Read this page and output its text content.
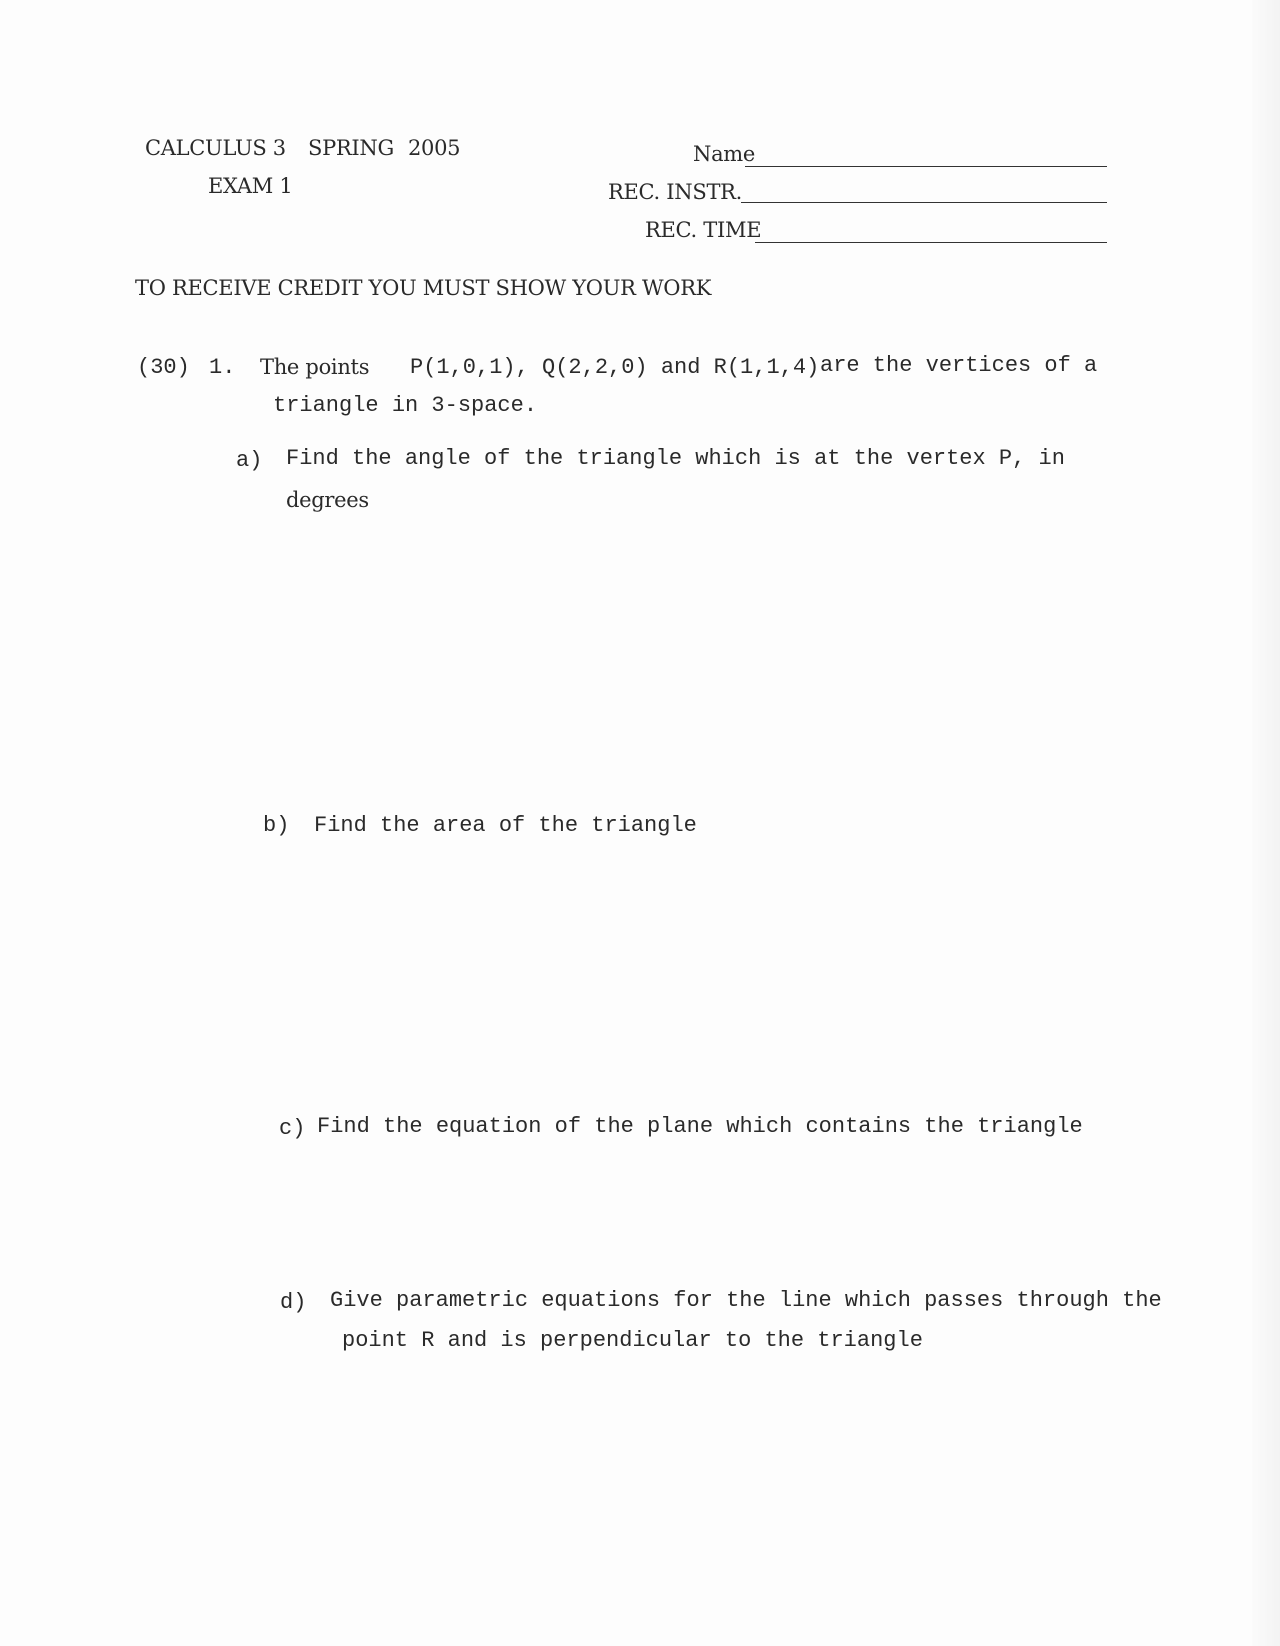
CALCULUS 3 SPRING 2005
EXAM 1
Name
REC. INSTR.
REC. TIME
TO RECEIVE CREDIT YOU MUST SHOW YOUR WORK
(30) 1. The points P(1,0,1), Q(2,2,0) and R(1,1,4) are the vertices of a
triangle in 3-space.
a) Find the angle of the triangle which is at the vertex P, in
degrees
b) Find the area of the triangle
c) Find the equation of the plane which contains the triangle
d) Give parametric equations for the line which passes through the
point R and is perpendicular to the triangle
